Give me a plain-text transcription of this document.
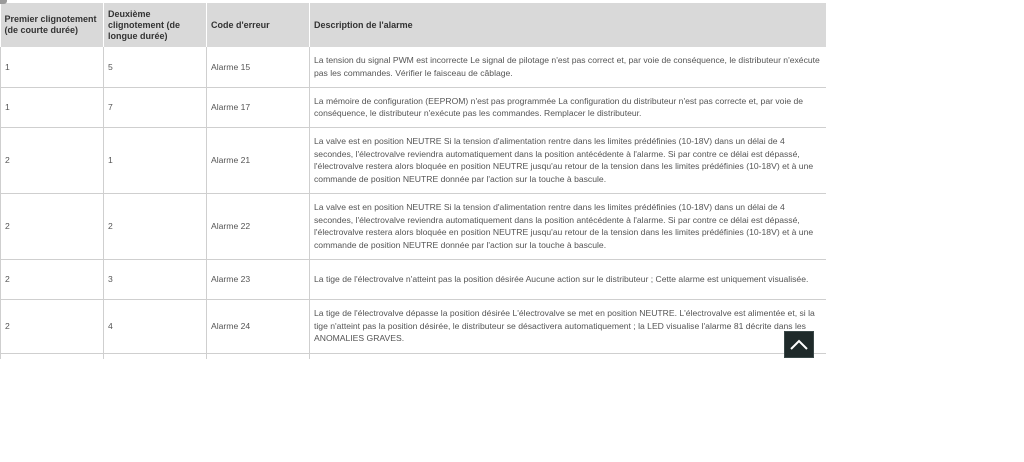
Premier clignotement (de courte durée)	Deuxième clignotement (de longue durée)	Code d'erreur	Description de l'alarme
1	5	Alarme 15	La tension du signal PWM est incorrecte Le signal de pilotage n'est pas correct et, par voie de conséquence, le distributeur n'exécute pas les commandes. Vérifier le faisceau de câblage.
1	7	Alarme 17	La mémoire de configuration (EEPROM) n'est pas programmée La configuration du distributeur n'est pas correcte et, par voie de conséquence, le distributeur n'exécute pas les commandes. Remplacer le distributeur.
2	1	Alarme 21	La valve est en position NEUTRE Si la tension d'alimentation rentre dans les limites prédéfinies (10-18V) dans un délai de 4 secondes, l'électrovalve reviendra automatiquement dans la position antécédente à l'alarme. Si par contre ce délai est dépassé, l'électrovalve restera alors bloquée en position NEUTRE jusqu'au retour de la tension dans les limites prédéfinies (10-18V) et à une commande de position NEUTRE donnée par l'action sur la touche à bascule.
2	2	Alarme 22	La valve est en position NEUTRE Si la tension d'alimentation rentre dans les limites prédéfinies (10-18V) dans un délai de 4 secondes, l'électrovalve reviendra automatiquement dans la position antécédente à l'alarme. Si par contre ce délai est dépassé, l'électrovalve restera alors bloquée en position NEUTRE jusqu'au retour de la tension dans les limites prédéfinies (10-18V) et à une commande de position NEUTRE donnée par l'action sur la touche à bascule.
2	3	Alarme 23	La tige de l'électrovalve n'atteint pas la position désirée Aucune action sur le distributeur ; Cette alarme est uniquement visualisée.
2	4	Alarme 24	La tige de l'électrovalve dépasse la position désirée L'électrovalve se met en position NEUTRE. L'électrovalve est alimentée et, si la tige n'atteint pas la position désirée, le distributeur se désactivera automatiquement ; la LED visualise l'alarme 81 décrite dans les ANOMALIES GRAVES.
